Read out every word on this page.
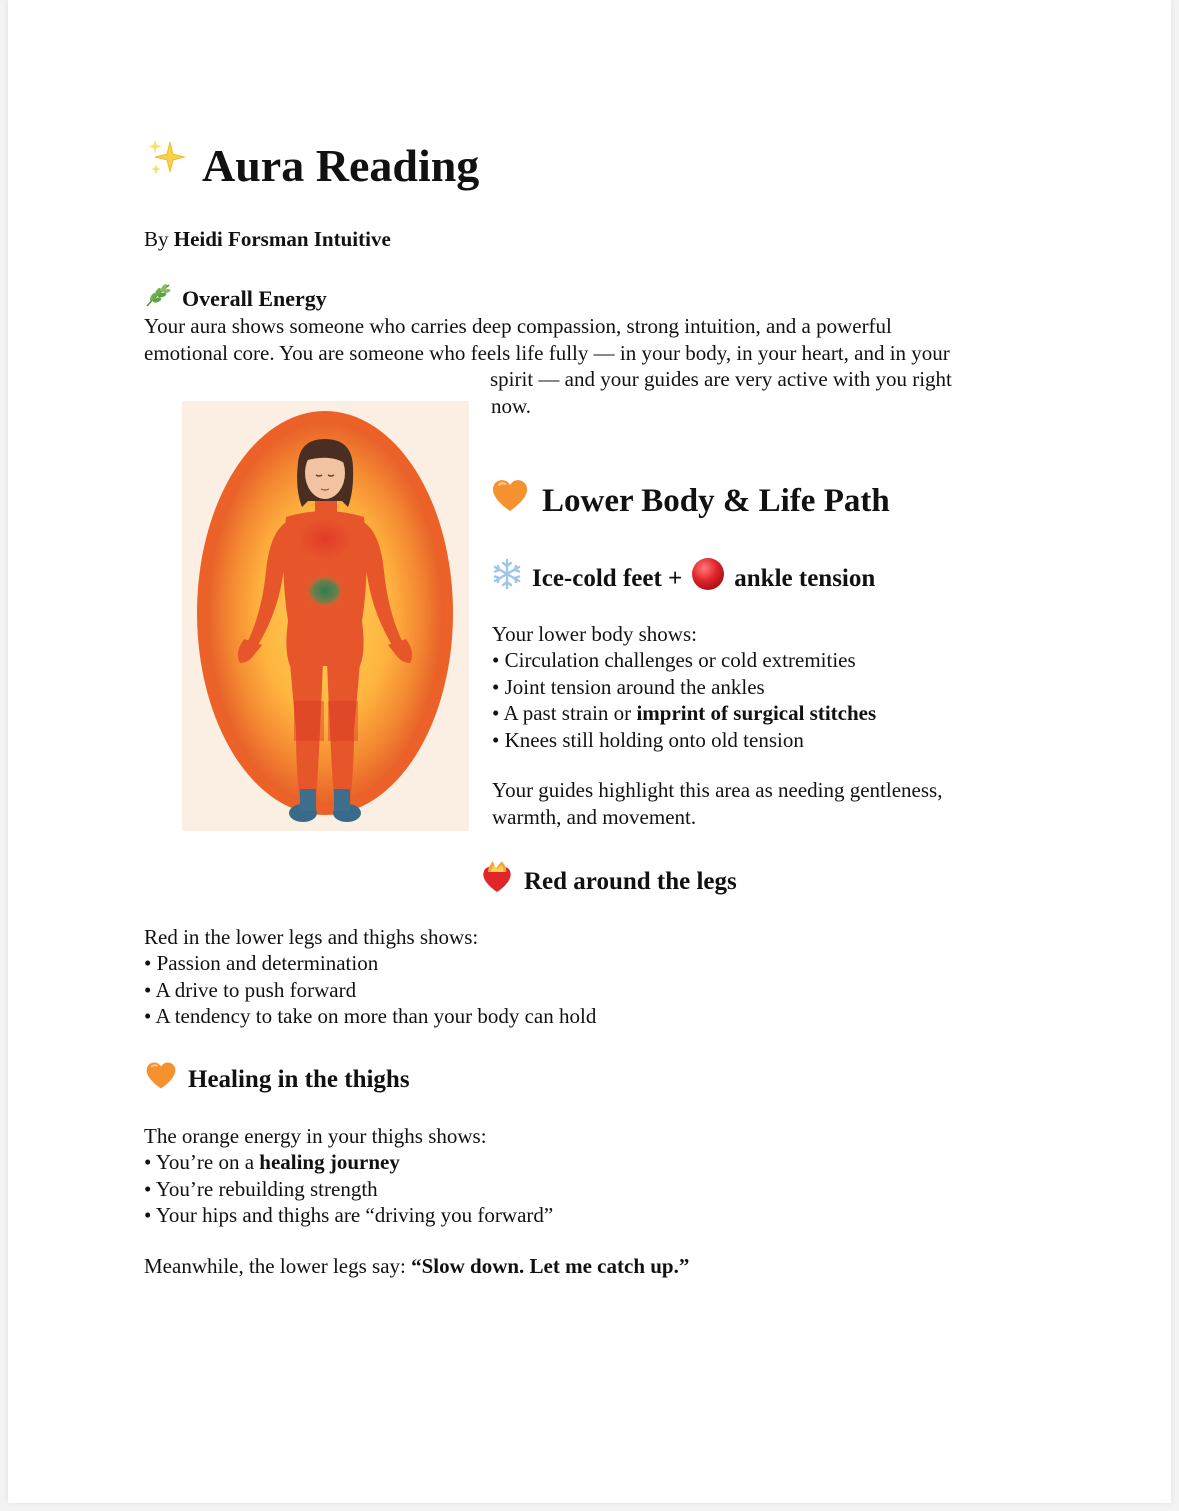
Aura Reading
By Heidi Forsman Intuitive
Overall Energy
Your aura shows someone who carries deep compassion, strong intuition, and a powerful
emotional core. You are someone who feels life fully — in your body, in your heart, and in your
spirit — and your guides are very active with you right
now.
Lower Body & Life Path
Ice-cold feet + ankle tension
Your lower body shows:
• Circulation challenges or cold extremities
• Joint tension around the ankles
• A past strain or imprint of surgical stitches
• Knees still holding onto old tension
Your guides highlight this area as needing gentleness,
warmth, and movement.
Red around the legs
Red in the lower legs and thighs shows:
• Passion and determination
• A drive to push forward
• A tendency to take on more than your body can hold
Healing in the thighs
The orange energy in your thighs shows:
• You’re on a healing journey
• You’re rebuilding strength
• Your hips and thighs are “driving you forward”
Meanwhile, the lower legs say: “Slow down. Let me catch up.”
